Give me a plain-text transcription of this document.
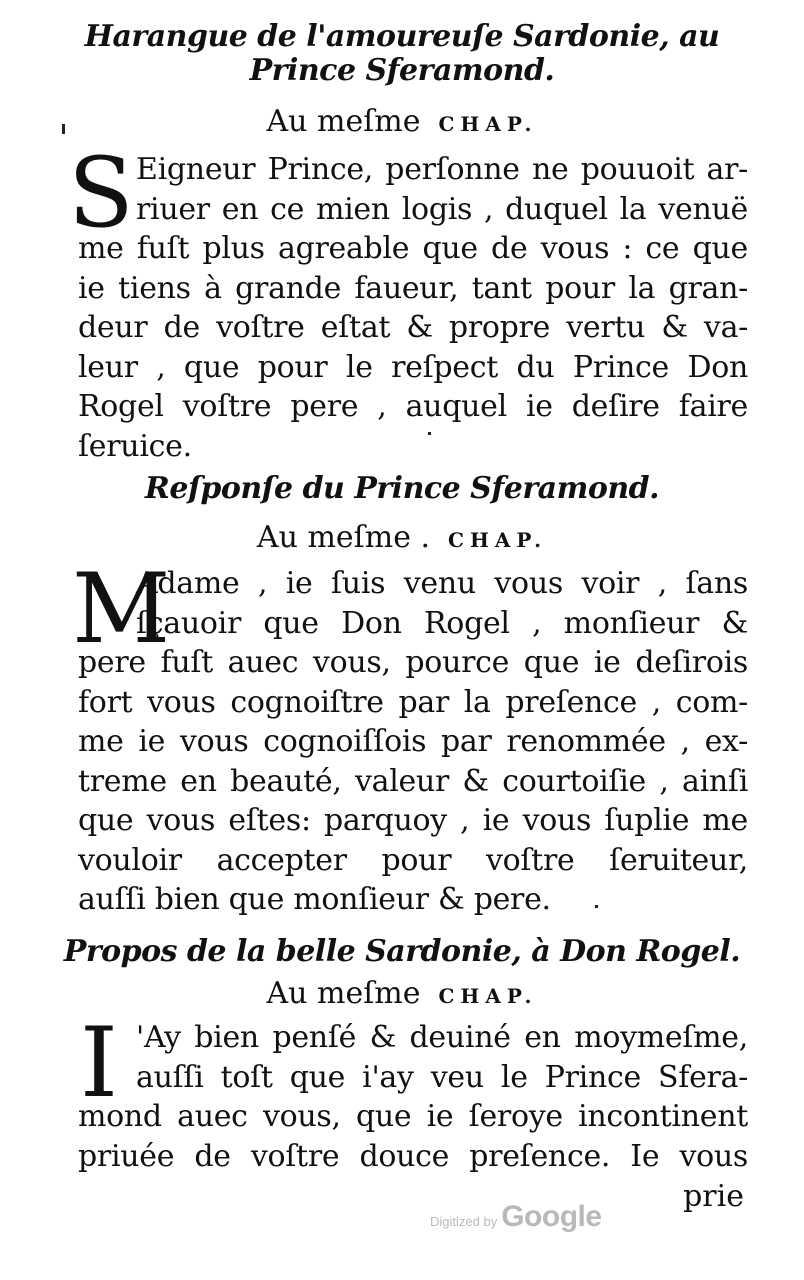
Harangue de l'amoureuſe Sardonie, au
Prince Sferamond.
Au meſme CHAP.
S Eigneur Prince, perſonne ne pouuoit ar-
riuer en ce mien logis , duquel la venuë
me fuſt plus agreable que de vous : ce que
ie tiens à grande faueur, tant pour la gran-
deur de voſtre eſtat & propre vertu & va-
leur , que pour le reſpect du Prince Don
Rogel voſtre pere , auquel ie deſire faire
ſeruice.
Reſponſe du Prince Sferamond.
Au meſme . CHAP.
M
Adame , ie ſuis venu vous voir , ſans
ſçauoir que Don Rogel , monſieur &
pere fuſt auec vous, pource que ie deſirois
fort vous cognoiſtre par la preſence , com-
me ie vous cognoiſſois par renommée , ex-
treme en beauté, valeur & courtoiſie , ainſi
que vous eſtes: parquoy , ie vous ſuplie me
vouloir accepter pour voſtre ſeruiteur,
auſſi bien que monſieur & pere.
Propos de la belle Sardonie, à Don Rogel.
Au meſme CHAP.
I 'Ay bien penſé & deuiné en moymeſme,
auſſi toſt que i'ay veu le Prince Sfera-
mond auec vous, que ie ſeroye incontinent
priuée de voſtre douce preſence. Ie vous
prie
Digitized by Google
